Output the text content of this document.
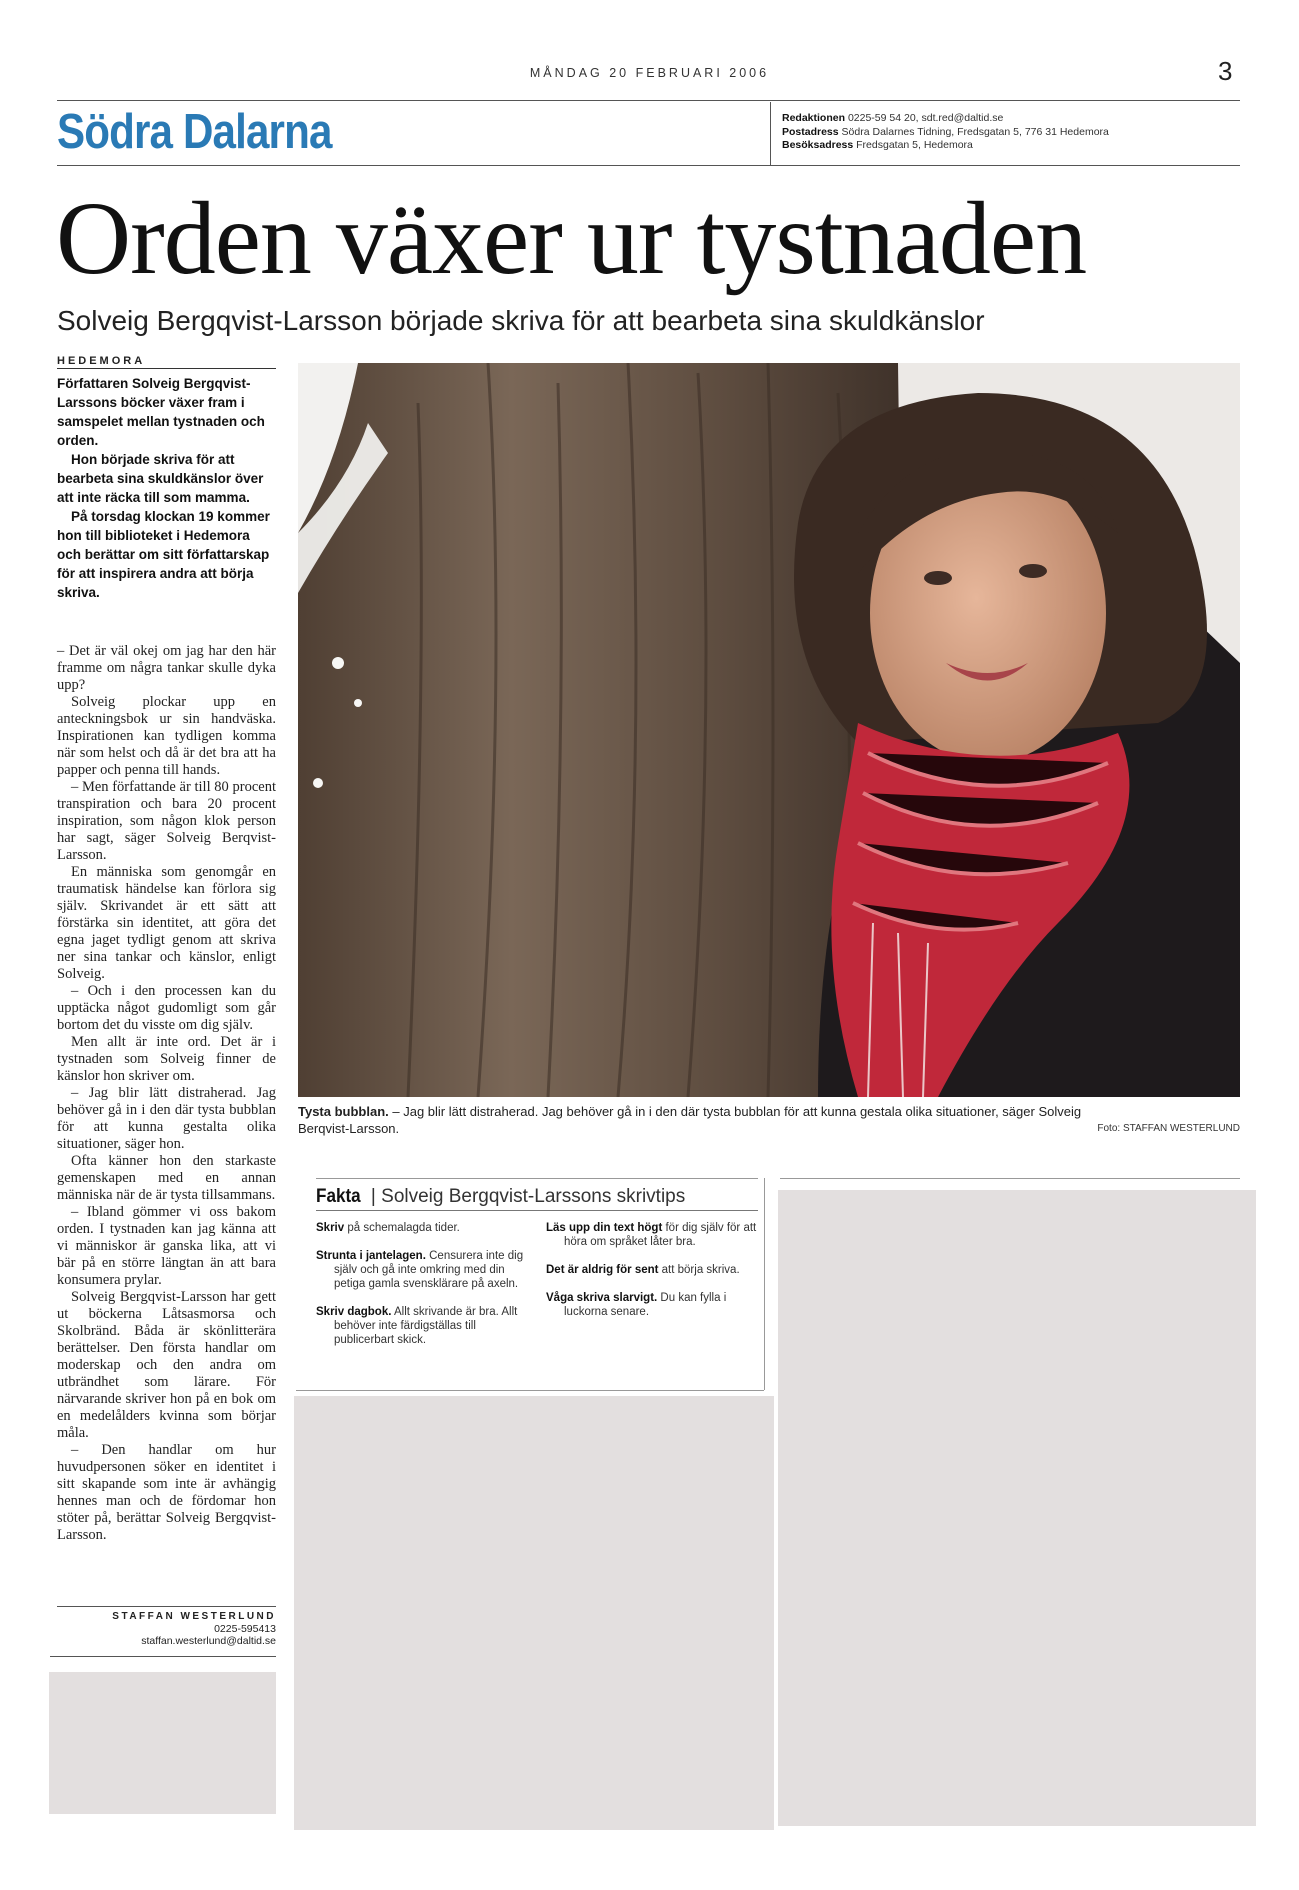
MÅNDAG 20 FEBRUARI 2006	3
Södra Dalarna	Redaktionen 0225-59 54 20, sdt.red@daltid.se
Postadress Södra Dalarnes Tidning, Fredsgatan 5, 776 31 Hedemora
Besöksadress Fredsgatan 5, Hedemora
Orden växer ur tystnaden
Solveig Bergqvist-Larsson började skriva för att bearbeta sina skuldkänslor
HEDEMORA

Författaren Solveig Bergqvist-Larssons böcker växer fram i samspelet mellan tystnaden och orden.

Hon började skriva för att bearbeta sina skuldkänslor över att inte räcka till som mamma.

På torsdag klockan 19 kommer hon till biblioteket i Hedemora och berättar om sitt författarskap för att inspirera andra att börja skriva.

– Det är väl okej om jag har den här framme om några tankar skulle dyka upp?

Solveig plockar upp en anteckningsbok ur sin handväska. Inspirationen kan tydligen komma när som helst och då är det bra att ha papper och penna till hands.

– Men författande är till 80 procent transpiration och bara 20 procent inspiration, som någon klok person har sagt, säger Solveig Berqvist-Larsson.

En människa som genomgår en traumatisk händelse kan förlora sig själv. Skrivandet är ett sätt att förstärka sin identitet, att göra det egna jaget tydligt genom att skriva ner sina tankar och känslor, enligt Solveig.

– Och i den processen kan du upptäcka något gudomligt som går bortom det du visste om dig själv.

Men allt är inte ord. Det är i tystnaden som Solveig finner de känslor hon skriver om.

– Jag blir lätt distraherad. Jag behöver gå in i den där tysta bubblan för att kunna gestalta olika situationer, säger hon.

Ofta känner hon den starkaste gemenskapen med en annan människa när de är tysta tillsammans.

– Ibland gömmer vi oss bakom orden. I tystnaden kan jag känna att vi människor är ganska lika, att vi bär på en större längtan än att bara konsumera prylar.

Solveig Bergqvist-Larsson har gett ut böckerna Låtsasmorsa och Skolbränd. Båda är skönlitterära berättelser. Den första handlar om moderskap och den andra om utbrändhet som lärare. För närvarande skriver hon på en bok om en medelålders kvinna som börjar måla.

– Den handlar om hur huvudpersonen söker en identitet i sitt skapande som inte är avhängig hennes man och de fördomar hon stöter på, berättar Solveig Bergqvist-Larsson.

STAFFAN WESTERLUND
0225-595413
staffan.westerlund@daltid.se
Tysta bubblan. – Jag blir lätt distraherad. Jag behöver gå in i den där tysta bubblan för att kunna gestala olika situationer, säger Solveig Berqvist-Larsson.	Foto: STAFFAN WESTERLUND
Fakta | Solveig Bergqvist-Larssons skrivtips
Skriv på schemalagda tider.
Strunta i jantelagen. Censurera inte dig själv och gå inte omkring med din petiga gamla svensklärare på axeln.
Skriv dagbok. Allt skrivande är bra. Allt behöver inte färdigställas till publicerbart skick.
Läs upp din text högt för dig själv för att höra om språket låter bra.
Det är aldrig för sent att börja skriva.
Våga skriva slarvigt. Du kan fylla i luckorna senare.
